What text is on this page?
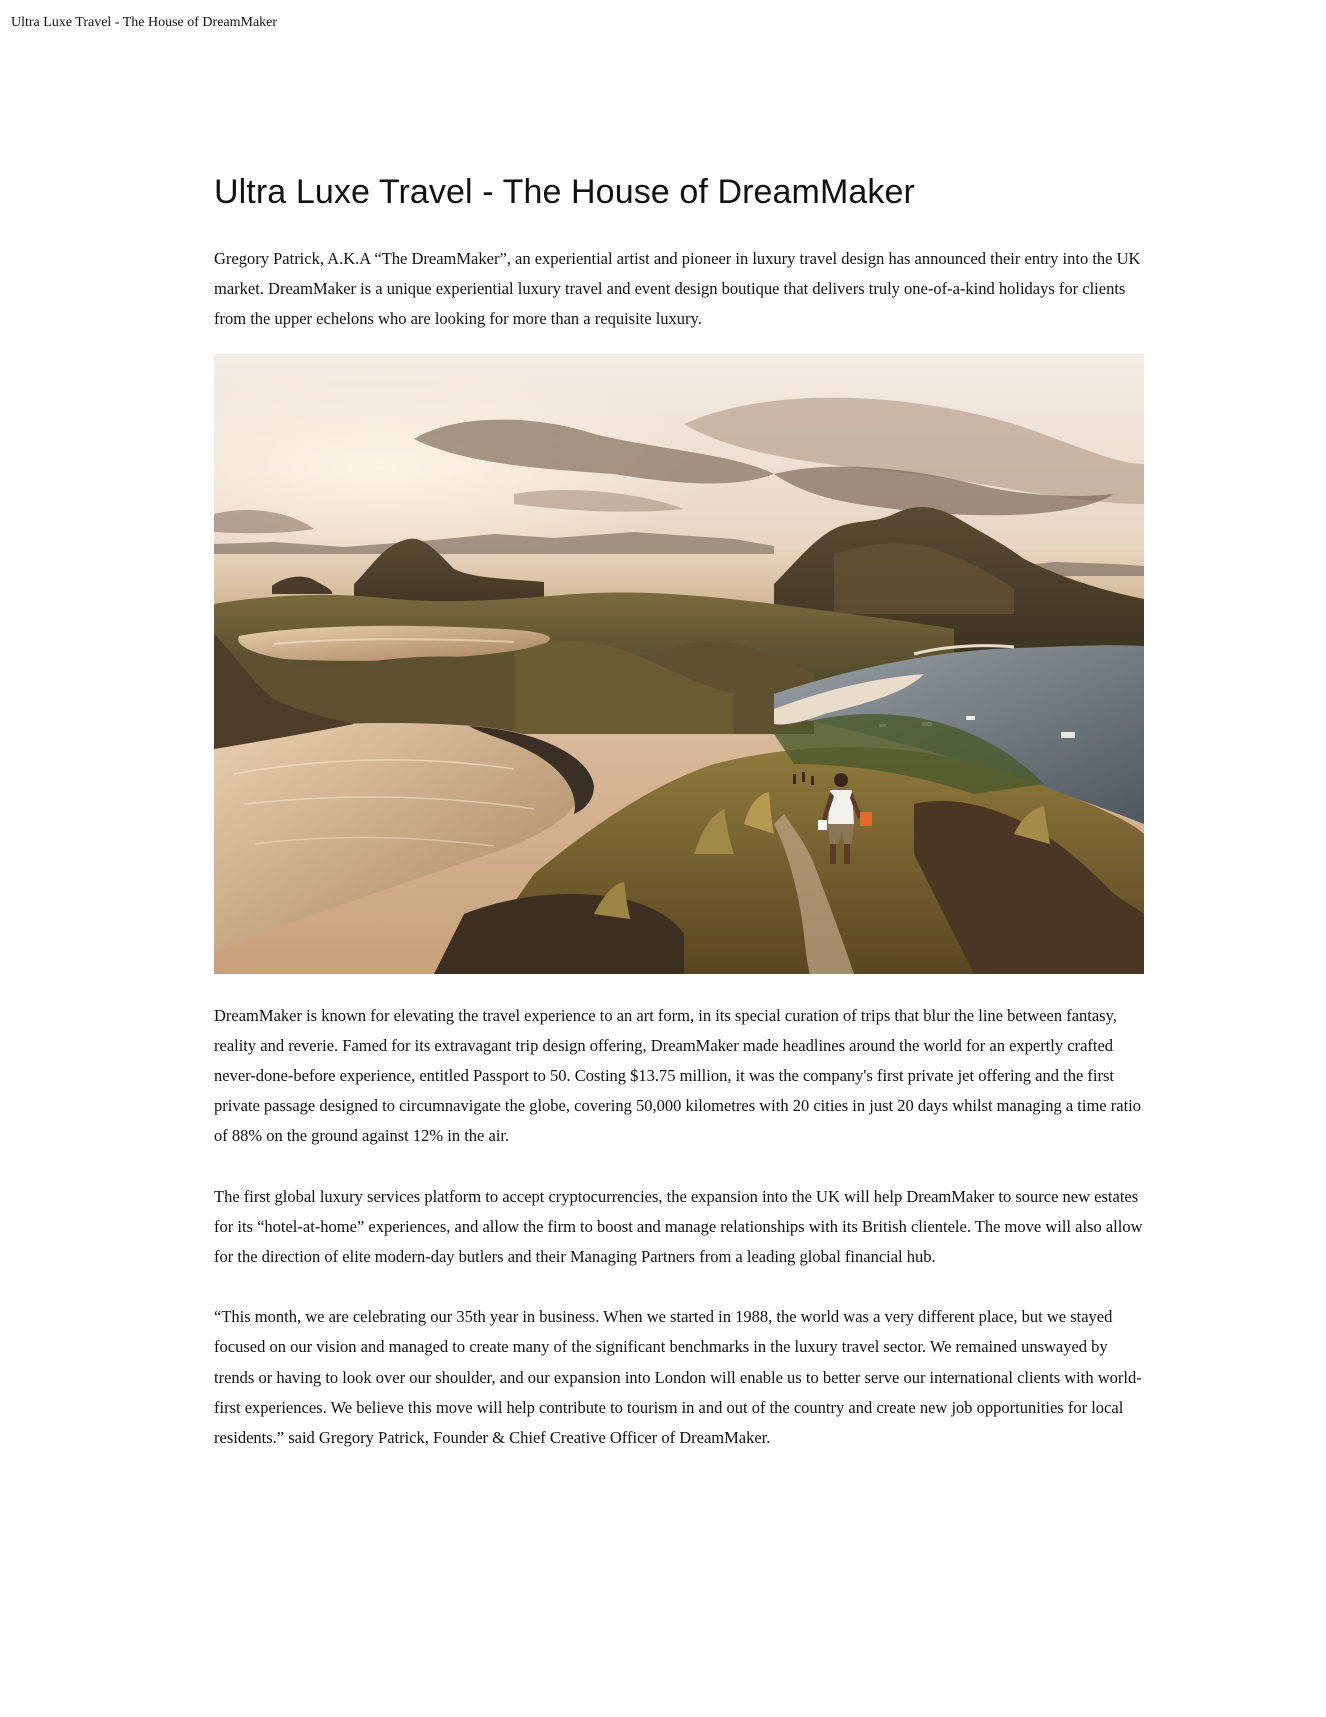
Ultra Luxe Travel - The House of DreamMaker
Ultra Luxe Travel - The House of DreamMaker

Gregory Patrick, A.K.A “The DreamMaker”, an experiential artist and pioneer in luxury travel design has announced their entry into the UK market. DreamMaker is a unique experiential luxury travel and event design boutique that delivers truly one-of-a-kind holidays for clients from the upper echelons who are looking for more than a requisite luxury.

DreamMaker is known for elevating the travel experience to an art form, in its special curation of trips that blur the line between fantasy, reality and reverie. Famed for its extravagant trip design offering, DreamMaker made headlines around the world for an expertly crafted never-done-before experience, entitled Passport to 50. Costing $13.75 million, it was the company's first private jet offering and the first private passage designed to circumnavigate the globe, covering 50,000 kilometres with 20 cities in just 20 days whilst managing a time ratio of 88% on the ground against 12% in the air.

The first global luxury services platform to accept cryptocurrencies, the expansion into the UK will help DreamMaker to source new estates for its “hotel-at-home” experiences, and allow the firm to boost and manage relationships with its British clientele. The move will also allow for the direction of elite modern-day butlers and their Managing Partners from a leading global financial hub.

“This month, we are celebrating our 35th year in business. When we started in 1988, the world was a very different place, but we stayed focused on our vision and managed to create many of the significant benchmarks in the luxury travel sector. We remained unswayed by trends or having to look over our shoulder, and our expansion into London will enable us to better serve our international clients with world-first experiences. We believe this move will help contribute to tourism in and out of the country and create new job opportunities for local residents.” said Gregory Patrick, Founder & Chief Creative Officer of DreamMaker.
